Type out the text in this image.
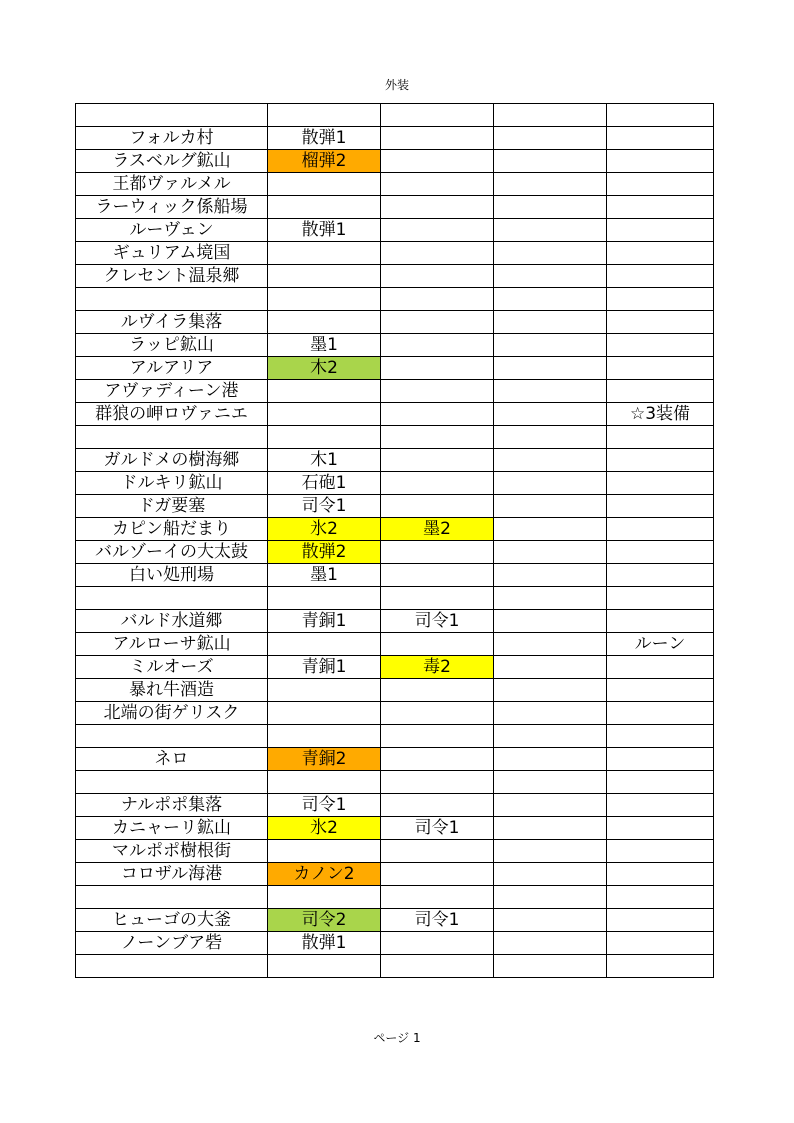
外装

フォルカ村	散弾1			
ラスベルグ鉱山	榴弾2			
王都ヴァルメル				
ラーウィック係船場				
ルーヴェン	散弾1			
ギュリアム境国				
クレセント温泉郷				

ルヴイラ集落				
ラッピ鉱山	墨1			
アルアリア	木2			
アヴァディーン港				
群狼の岬ロヴァニエ				☆3装備

ガルドメの樹海郷	木1			
ドルキリ鉱山	石砲1			
ドガ要塞	司令1			
カピン船だまり	氷2	墨2		
バルゾーイの大太鼓	散弾2			
白い処刑場	墨1			

バルド水道郷	青銅1	司令1		
アルローサ鉱山				ルーン
ミルオーズ	青銅1	毒2		
暴れ牛酒造				
北端の街ゲリスク				

ネロ	青銅2			

ナルポポ集落	司令1			
カニャーリ鉱山	氷2	司令1		
マルポポ樹根街				
コロザル海港	カノン2			

ヒューゴの大釜	司令2	司令1		
ノーンブア砦	散弾1			

ページ 1
